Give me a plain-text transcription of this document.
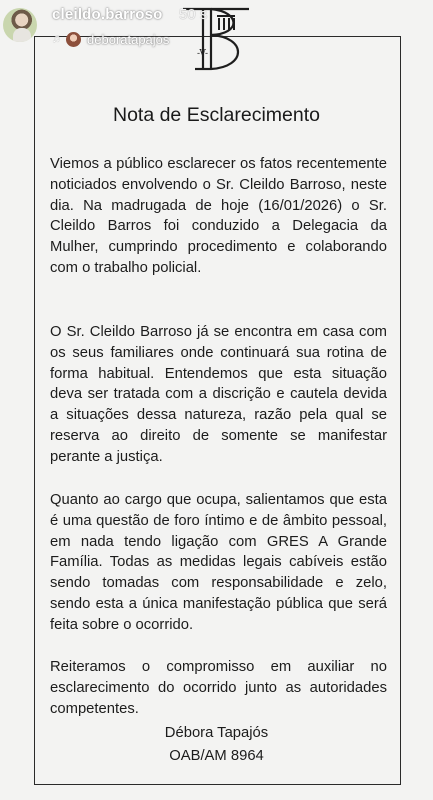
-V-
cleildo.barroso 50 s
♫ deboratapajos
Nota de Esclarecimento
Viemos a público esclarecer os fatos recentemente noticiados envolvendo o Sr. Cleildo Barroso, neste dia. Na madrugada de hoje (16/01/2026) o Sr. Cleildo Barros foi conduzido a Delegacia da Mulher, cumprindo procedimento e colaborando com o trabalho policial.
O Sr. Cleildo Barroso já se encontra em casa com os seus familiares onde continuará sua rotina de forma habitual. Entendemos que esta situação deva ser tratada com a discrição e cautela devida a situações dessa natureza, razão pela qual se reserva ao direito de somente se manifestar perante a justiça.
Quanto ao cargo que ocupa, salientamos que esta é uma questão de foro íntimo e de âmbito pessoal, em nada tendo ligação com GRES A Grande Família. Todas as medidas legais cabíveis estão sendo tomadas com responsabilidade e zelo, sendo esta a única manifestação pública que será feita sobre o ocorrido.
Reiteramos o compromisso em auxiliar no esclarecimento do ocorrido junto as autoridades competentes.
Débora Tapajós
OAB/AM 8964
